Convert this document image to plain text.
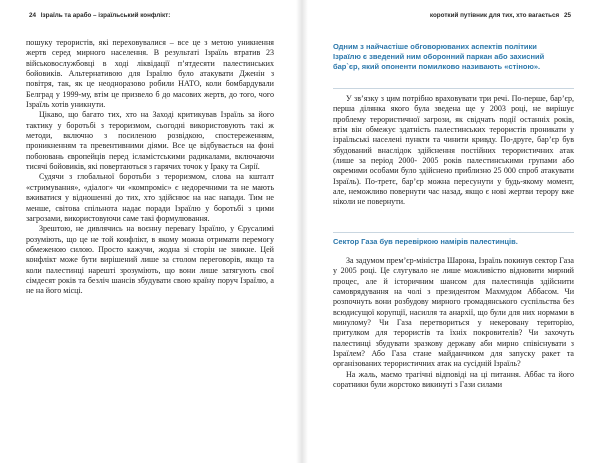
24 Ізраїль та арабо – ізраїльський конфлікт:

пошуку терористів, які переховувалися – все це з метою уникнення жертв серед мирного населення. В результаті Ізраїль втратив 23 військовослужбовці в ході ліквідації п’ятдесяти палестинських бойовиків. Альтернативою для Ізраїлю було атакувати Дженін з повітря, так, як це неодноразово робили НАТО, коли бомбардували Белград у 1999-му, втім це призвело б до масових жертв, до того, чого Ізраїль хотів уникнути.

Цікаво, що багато тих, хто на Заході критикував Ізраїль за його тактику у боротьбі з тероризмом, сьогодні використовують такі ж методи, включно з посиленою розвідкою, спостереженням, проникненням та превентивними діями. Все це відбувається на фоні побоювань європейців перед ісламістськими радикалами, включаючи тисячі бойовиків, які повертаються з гарячих точок у Іраку та Сирії.

Судячи з глобальної боротьби з тероризмом, слова на кшталт «стримування», «діалог» чи «компроміс» є недоречними та не мають вживатися у відношенні до тих, хто здійснює на нас напади. Тим не менше, світова спільнота надає поради Ізраїлю у боротьбі з цими загрозами, використовуючи саме такі формулювання.

Зрештою, не дивлячись на воєнну перевагу Ізраїлю, у Єрусалимі розуміють, що це не той конфлікт, в якому можна отримати перемогу обмеженою силою. Просто кажучи, жодна зі сторін не зникне. Цей конфлікт може бути вирішений лише за столом переговорів, якщо та коли палестинці нарешті зрозуміють, що вони лише затягують свої сімдесят років та безліч шансів збудувати свою країну поруч Ізраїлю, а не на його місці.

короткий путівник для тих, хто вагається 25
Одним з найчастіше обговорюваних аспектів політики Ізраїлю є зведений ним оборонний паркан або захисний бар`єр, який опоненти помилково називають «стіною».

У зв’язку з цим потрібно враховувати три речі. По-перше, бар’єр, перша ділянка якого була зведена ще у 2003 році, не вирішує проблему терористичної загрози, як свідчать події останніх років, втім він обмежує здатність палестинських терористів проникати у ізраїльські населені пункти та чинити кривду. По-друге, бар’єр був збудований внаслідок здійснення постійних терористичних атак (лише за період 2000- 2005 років палестинськими групами або окремими особами було здійснено приблизно 25 000 спроб атакувати Ізраїль). По-третє, бар’єр можна пересунути у будь-якому момент, але, неможливо повернути час назад, якщо є нові жертви терору вже ніколи не повернути.

Сектор Газа був перевіркою намірів палестинців.

За задумом прем’єр-міністра Шарона, Ізраїль покинув сектор Газа у 2005 році. Це слугувало не лише можливістю відновити мирний процес, але й історичним шансом для палестинців здійснити самоврядування на чолі з президентом Махмудом Аббасом. Чи розпочнуть вони розбудову мирного громадянського суспільства без всюдисущої корупції, насилля та анархії, що були для них нормами в минулому? Чи Газа перетвориться у некеровану територію, притулком для терористів та їхніх покровителів? Чи захочуть палестинці збудувати зразкову державу аби мирно співіснувати з Ізраїлем? Або Газа стане майданчиком для запуску ракет та організованих терористичних атак на сусідній Ізраїль?

На жаль, маємо трагічні відповіді на ці питання. Аббас та його соратники були жорстоко викинуті з Гази силами
